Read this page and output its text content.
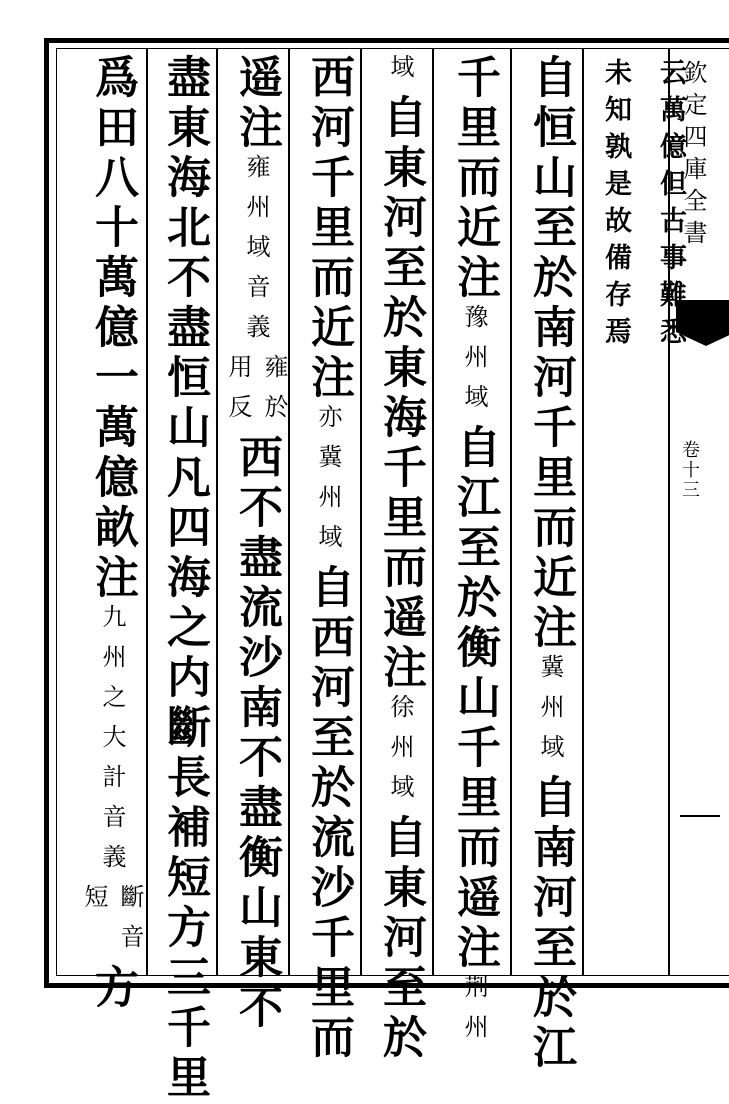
欽定四庫全書
卷十三
云萬億但古事難悉
未知孰是故備存焉
自恒山至於南河千里而近注
冀州域
自南河至於江
千里而近注
豫州域
自江至於衡山千里而遥注
荆州
域
自東河至於東海千里而遥注
徐州域
自東河至於
西河千里而近注
亦冀州域
自西河至於流沙千里而
遥注
雍州域音義
雍於
用反
西不盡流沙南不盡衡山東不
盡東海北不盡恒山凡四海之内斷長補短方三千里
爲田八十萬億一萬億畝注
九州之大計音義
斷音
短
方
